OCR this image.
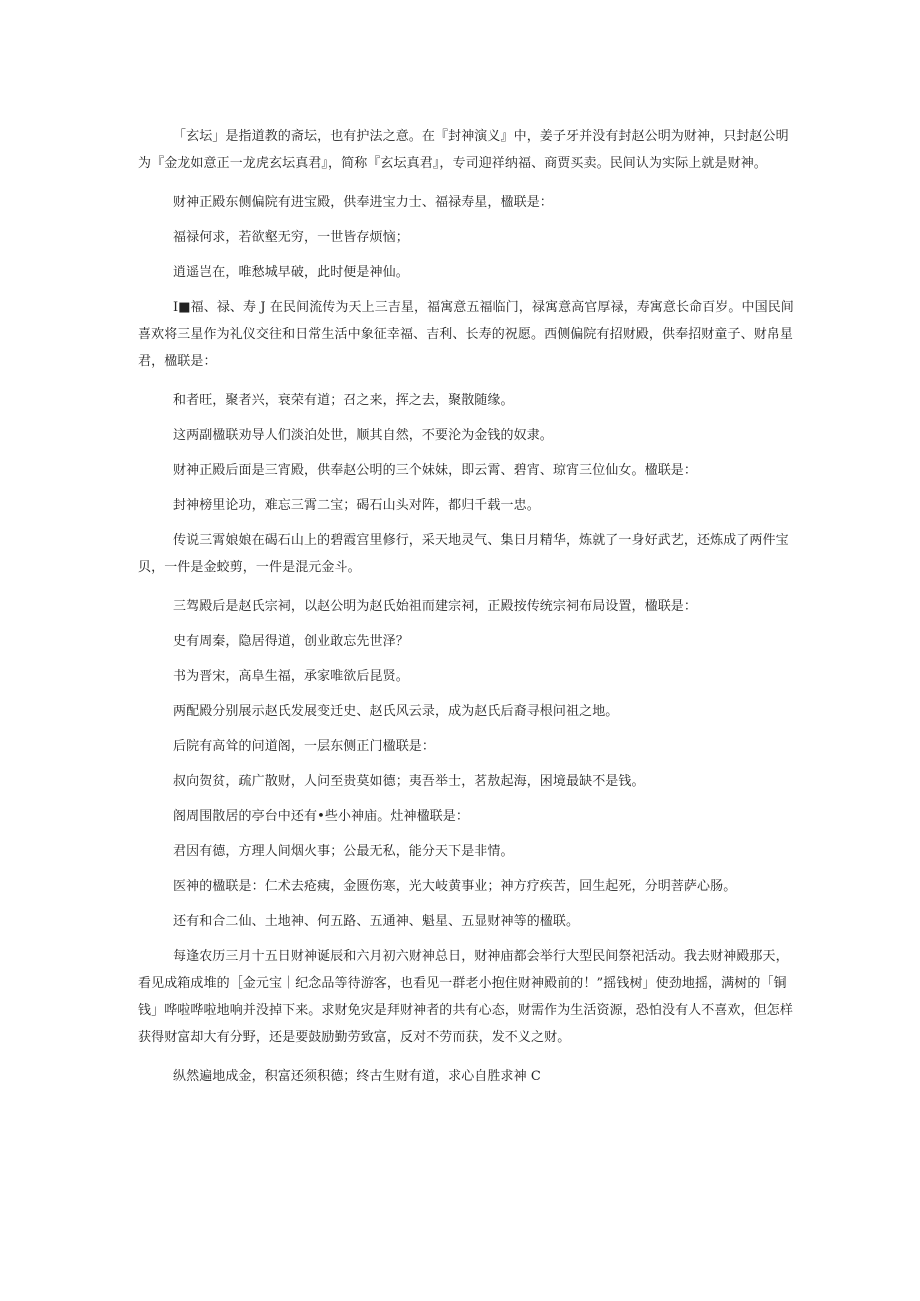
「玄坛」是指道教的斋坛，也有护法之意。在『封神演义』中，姜子牙并没有封赵公明为财神，只封赵公明为『金龙如意正一龙虎玄坛真君』，简称『玄坛真君』，专司迎祥纳福、商贾买卖。民间认为实际上就是财神。

财神正殿东侧偏院有进宝殿，供奉进宝力士、福禄寿星，楹联是：

福禄何求，若欲壑无穷，一世皆存烦恼；

逍遥岂在，唯愁城早破，此时便是神仙。

I■福、禄、寿 J 在民间流传为天上三吉星，福寓意五福临门，禄寓意高官厚禄，寿寓意长命百岁。中国民间喜欢将三星作为礼仪交往和日常生活中象征幸福、吉利、长寿的祝愿。西侧偏院有招财殿，供奉招财童子、财帛星君，楹联是：

和者旺，聚者兴，衰荣有道；召之来，挥之去，聚散随缘。

这两副楹联劝导人们淡泊处世，顺其自然，不要沦为金钱的奴隶。

财神正殿后面是三宵殿，供奉赵公明的三个妹妹，即云霄、碧宵、琼宵三位仙女。楹联是：

封神榜里论功，难忘三霄二宝；碣石山头对阵，都归千载一忠。

传说三霄娘娘在碣石山上的碧霞宫里修行，采天地灵气、集日月精华，炼就了一身好武艺，还炼成了两件宝贝，一件是金蛟剪，一件是混元金斗。

三驾殿后是赵氏宗祠，以赵公明为赵氏始祖而建宗祠，正殿按传统宗祠布局设置，楹联是：

史有周秦，隐居得道，创业敢忘先世泽？

书为晋宋，高阜生福，承家唯欲后昆贤。

两配殿分别展示赵氏发展变迁史、赵氏风云录，成为赵氏后裔寻根问祖之地。

后院有高耸的问道阁，一层东侧正门楹联是：

叔向贺贫，疏广散财，人问至贵莫如德；夷吾举士，茗敖起海，困境最缺不是钱。

阁周围散居的亭台中还有•些小神庙。灶神楹联是：

君因有德，方理人间烟火事；公最无私，能分天下是非情。

医神的楹联是：仁术去疮痍，金匮伤寒，光大岐黄事业；神方疗疾苦，回生起死，分明菩萨心肠。

还有和合二仙、土地神、何五路、五通神、魁星、五显财神等的楹联。

每逢农历三月十五日财神诞辰和六月初六财神总日，财神庙都会举行大型民间祭祀活动。我去财神殿那天，看见成箱成堆的［金元宝｜纪念品等待游客，也看见一群老小抱住财神殿前的！”摇钱树」使劲地摇，满树的「铜钱」哗啦哗啦地响并没掉下来。求财免灾是拜财神者的共有心态，财需作为生活资源，恐怕没有人不喜欢，但怎样获得财富却大有分野，还是要鼓励勤劳致富，反对不劳而获，发不义之财。

纵然遍地成金，积富还须积德；终古生财有道，求心自胜求神 C
